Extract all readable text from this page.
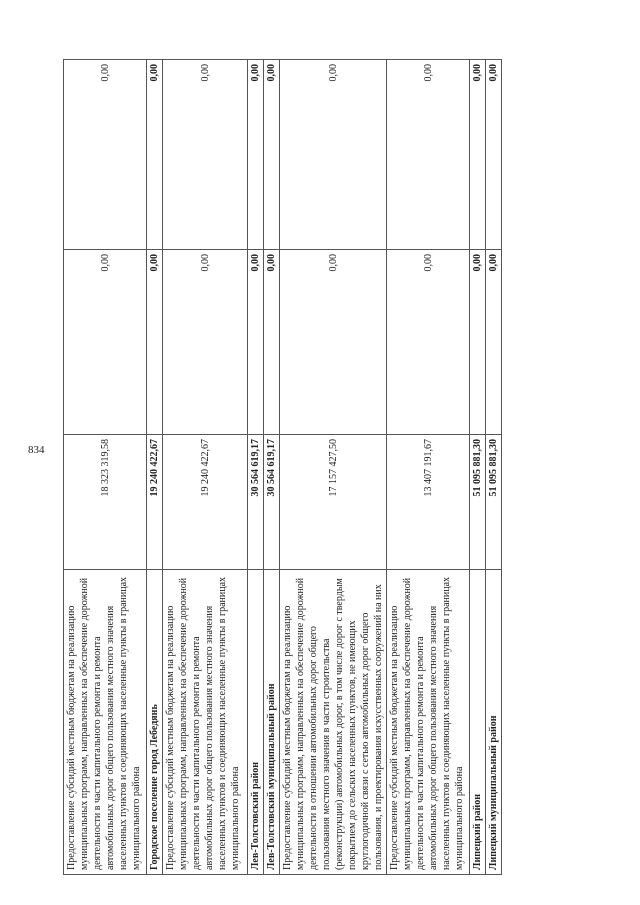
834
Предоставление субсидий местным бюджетам на реализацию муниципальных программ, направленных на обеспечение дорожной деятельности в части капитального ремонта и ремонта автомобильных дорог общего пользования местного значения населенных пунктов и соединяющих населенные пункты в границах муниципального района	18 323 319,58	0,00	0,00
Городское поселение город Лебедянь	19 240 422,67	0,00	0,00
Предоставление субсидий местным бюджетам на реализацию муниципальных программ, направленных на обеспечение дорожной деятельности в части капитального ремонта и ремонта автомобильных дорог общего пользования местного значения населенных пунктов и соединяющих населенные пункты в границах муниципального района	19 240 422,67	0,00	0,00
Лев-Толстовский район	30 564 619,17	0,00	0,00
Лев-Толстовский муниципальный район	30 564 619,17	0,00	0,00
Предоставление субсидий местным бюджетам на реализацию муниципальных программ, направленных на обеспечение дорожной деятельности в отношении автомобильных дорог общего пользования местного значения в части строительства (реконструкции) автомобильных дорог, в том числе дорог с твердым покрытием до сельских населенных пунктов, не имеющих круглогодичной связи с сетью автомобильных дорог общего пользования, и проектирования искусственных сооружений на них	17 157 427,50	0,00	0,00
Предоставление субсидий местным бюджетам на реализацию муниципальных программ, направленных на обеспечение дорожной деятельности в части капитального ремонта и ремонта автомобильных дорог общего пользования местного значения населенных пунктов и соединяющих населенные пункты в границах муниципального района	13 407 191,67	0,00	0,00
Липецкий район	51 095 881,30	0,00	0,00
Липецкий муниципальный район	51 095 881,30	0,00	0,00
